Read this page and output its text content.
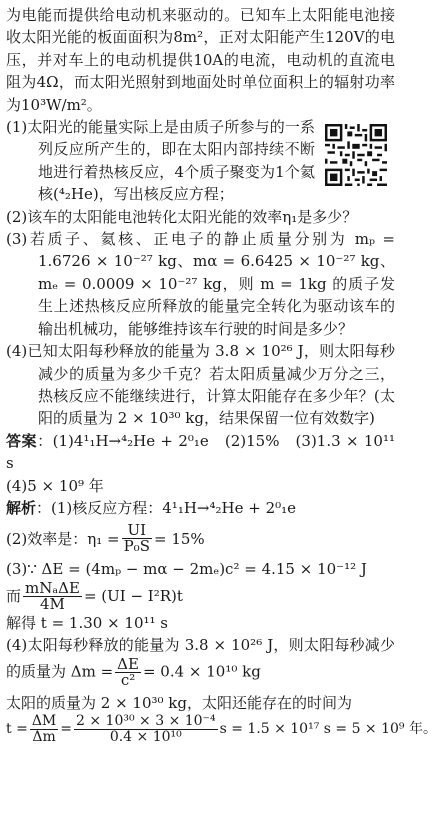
为电能而提供给电动机来驱动的。已知车上太阳能电池接收太阳光能的板面面积为8m²，正对太阳能产生120V的电压，并对车上的电动机提供10A的电流，电动机的直流电阻为4Ω，而太阳光照射到地面处时单位面积上的辐射功率为10³W/m²。

(1)太阳光的能量实际上是由质子所参与的一系列反应所产生的，即在太阳内部持续不断地进行着热核反应，4个质子聚变为1个氦核(⁴₂He)，写出核反应方程；

(2)该车的太阳能电池转化太阳光能的效率η₁是多少？

(3)若质子、氦核、正电子的静止质量分别为 mₚ = 1.6726 × 10⁻²⁷ kg、mα = 6.6425 × 10⁻²⁷ kg、mₑ = 0.0009 × 10⁻²⁷ kg，则 m = 1kg 的质子发生上述热核反应所释放的能量完全转化为驱动该车的输出机械功，能够维持该车行驶的时间是多少？

(4)已知太阳每秒释放的能量为 3.8 × 10²⁶ J，则太阳每秒减少的质量为多少千克？若太阳质量减少万分之三，热核反应不能继续进行，计算太阳能存在多少年？(太阳的质量为 2 × 10³⁰ kg，结果保留一位有效数字)

答案：(1)4¹₁H→⁴₂He + 2⁰₁e　(2)15%　(3)1.3 × 10¹¹ s

(4)5 × 10⁹ 年

解析：(1)核反应方程：4¹₁H→⁴₂He + 2⁰₁e

(2)效率是：$\eta_1 = \frac{UI}{\text{P₀S}} = 15\%$

(3)∵ ΔE = (4mₚ − mα − 2mₑ)c² = 4.15 × 10⁻¹² J

而 $\frac{\text{mNₐΔE}}{4M} = (UI - I^2R)t$

解得 t = 1.30 × 10¹¹ s

(4)太阳每秒释放的能量为 3.8 × 10²⁶ J，则太阳每秒减少的质量为 $\Delta m = \frac{\Delta E}{\text{c²}} = 0.4 \times 10^{10}$ kg

太阳的质量为 2 × 10³⁰ kg，太阳还能存在的时间为

$t = \frac{\Delta M}{\Delta m} = \frac{\text{2 × 10³⁰ × 3 × 10⁻⁴}}{\text{0.4 × 10¹⁰}}$ s = 1.5 × 10¹⁷ s = 5 × 10⁹ 年。
